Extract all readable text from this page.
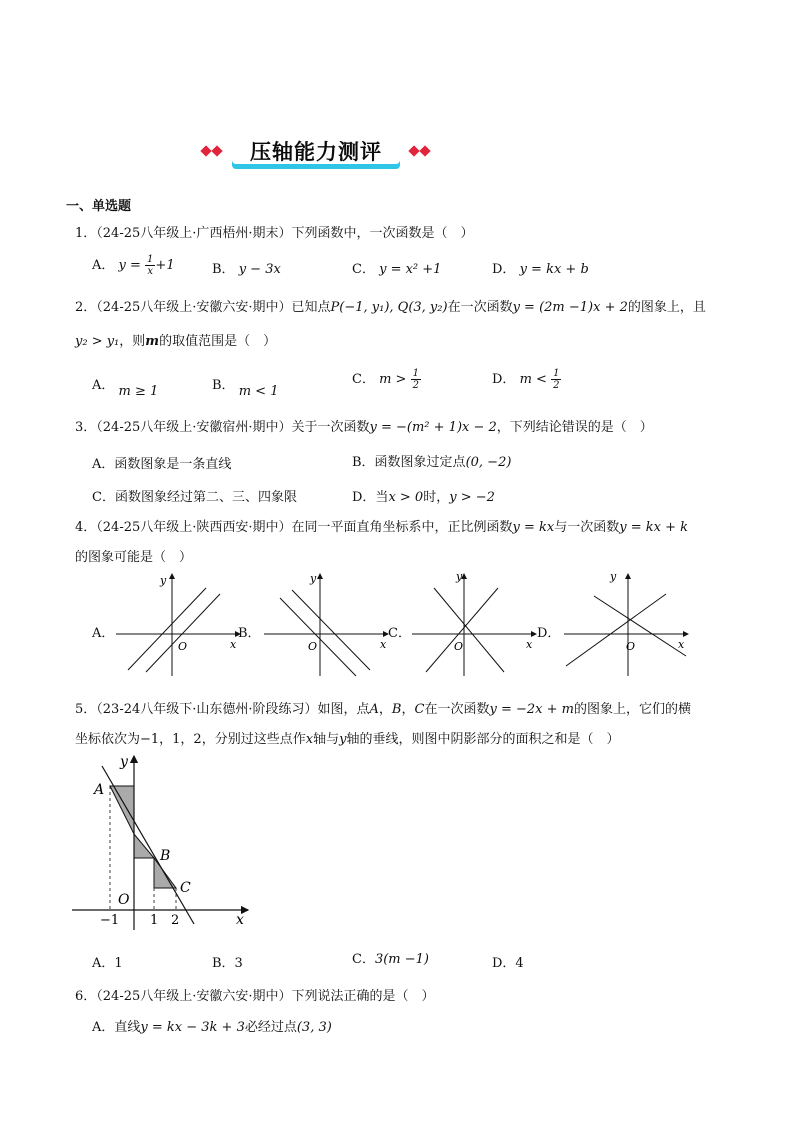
压轴能力测评
一、单选题
1．（24-25八年级上·广西梧州·期末）下列函数中，一次函数是（　）
A． $y = \frac{1}{x} +1$	B． y − 3x	C． y = x² +1	D． y = kx + b
2．（24-25八年级上·安徽六安·期中）已知点P(−1, y₁), Q(3, y₂)在一次函数y = (2m −1)x + 2的图象上，且
y₂ > y₁，则m的取值范围是（　）
A． m ≥ 1	B． m < 1
C． $m > \frac{1}{2}$	D． $m < \frac{1}{2}$
3．（24-25八年级上·安徽宿州·期中）关于一次函数y = −(m² + 1)x − 2，下列结论错误的是（　）
A．函数图象是一条直线	B．函数图象过定点(0, −2)
C．函数图象经过第二、三、四象限	D．当x > 0时，y > −2
4．（24-25八年级上·陕西西安·期中）在同一平面直角坐标系中，正比例函数y = kx与一次函数y = kx + k
的图象可能是（　）
A．	B．	C．	D．
y
x
O
y
x
O
y
x
O
y
x
O
5．（23-24八年级下·山东德州·阶段练习）如图，点A，B，C在一次函数y = −2x + m的图象上，它们的横
坐标依次为−1，1，2，分别过这些点作x轴与y轴的垂线，则图中阴影部分的面积之和是（　）
y
x
O
A
B
C
−1 1 2
A．1	B．3	C．3(m −1)	D．4
6．（24-25八年级上·安徽六安·期中）下列说法正确的是（　）
A．直线y = kx − 3k + 3必经过点(3, 3)
